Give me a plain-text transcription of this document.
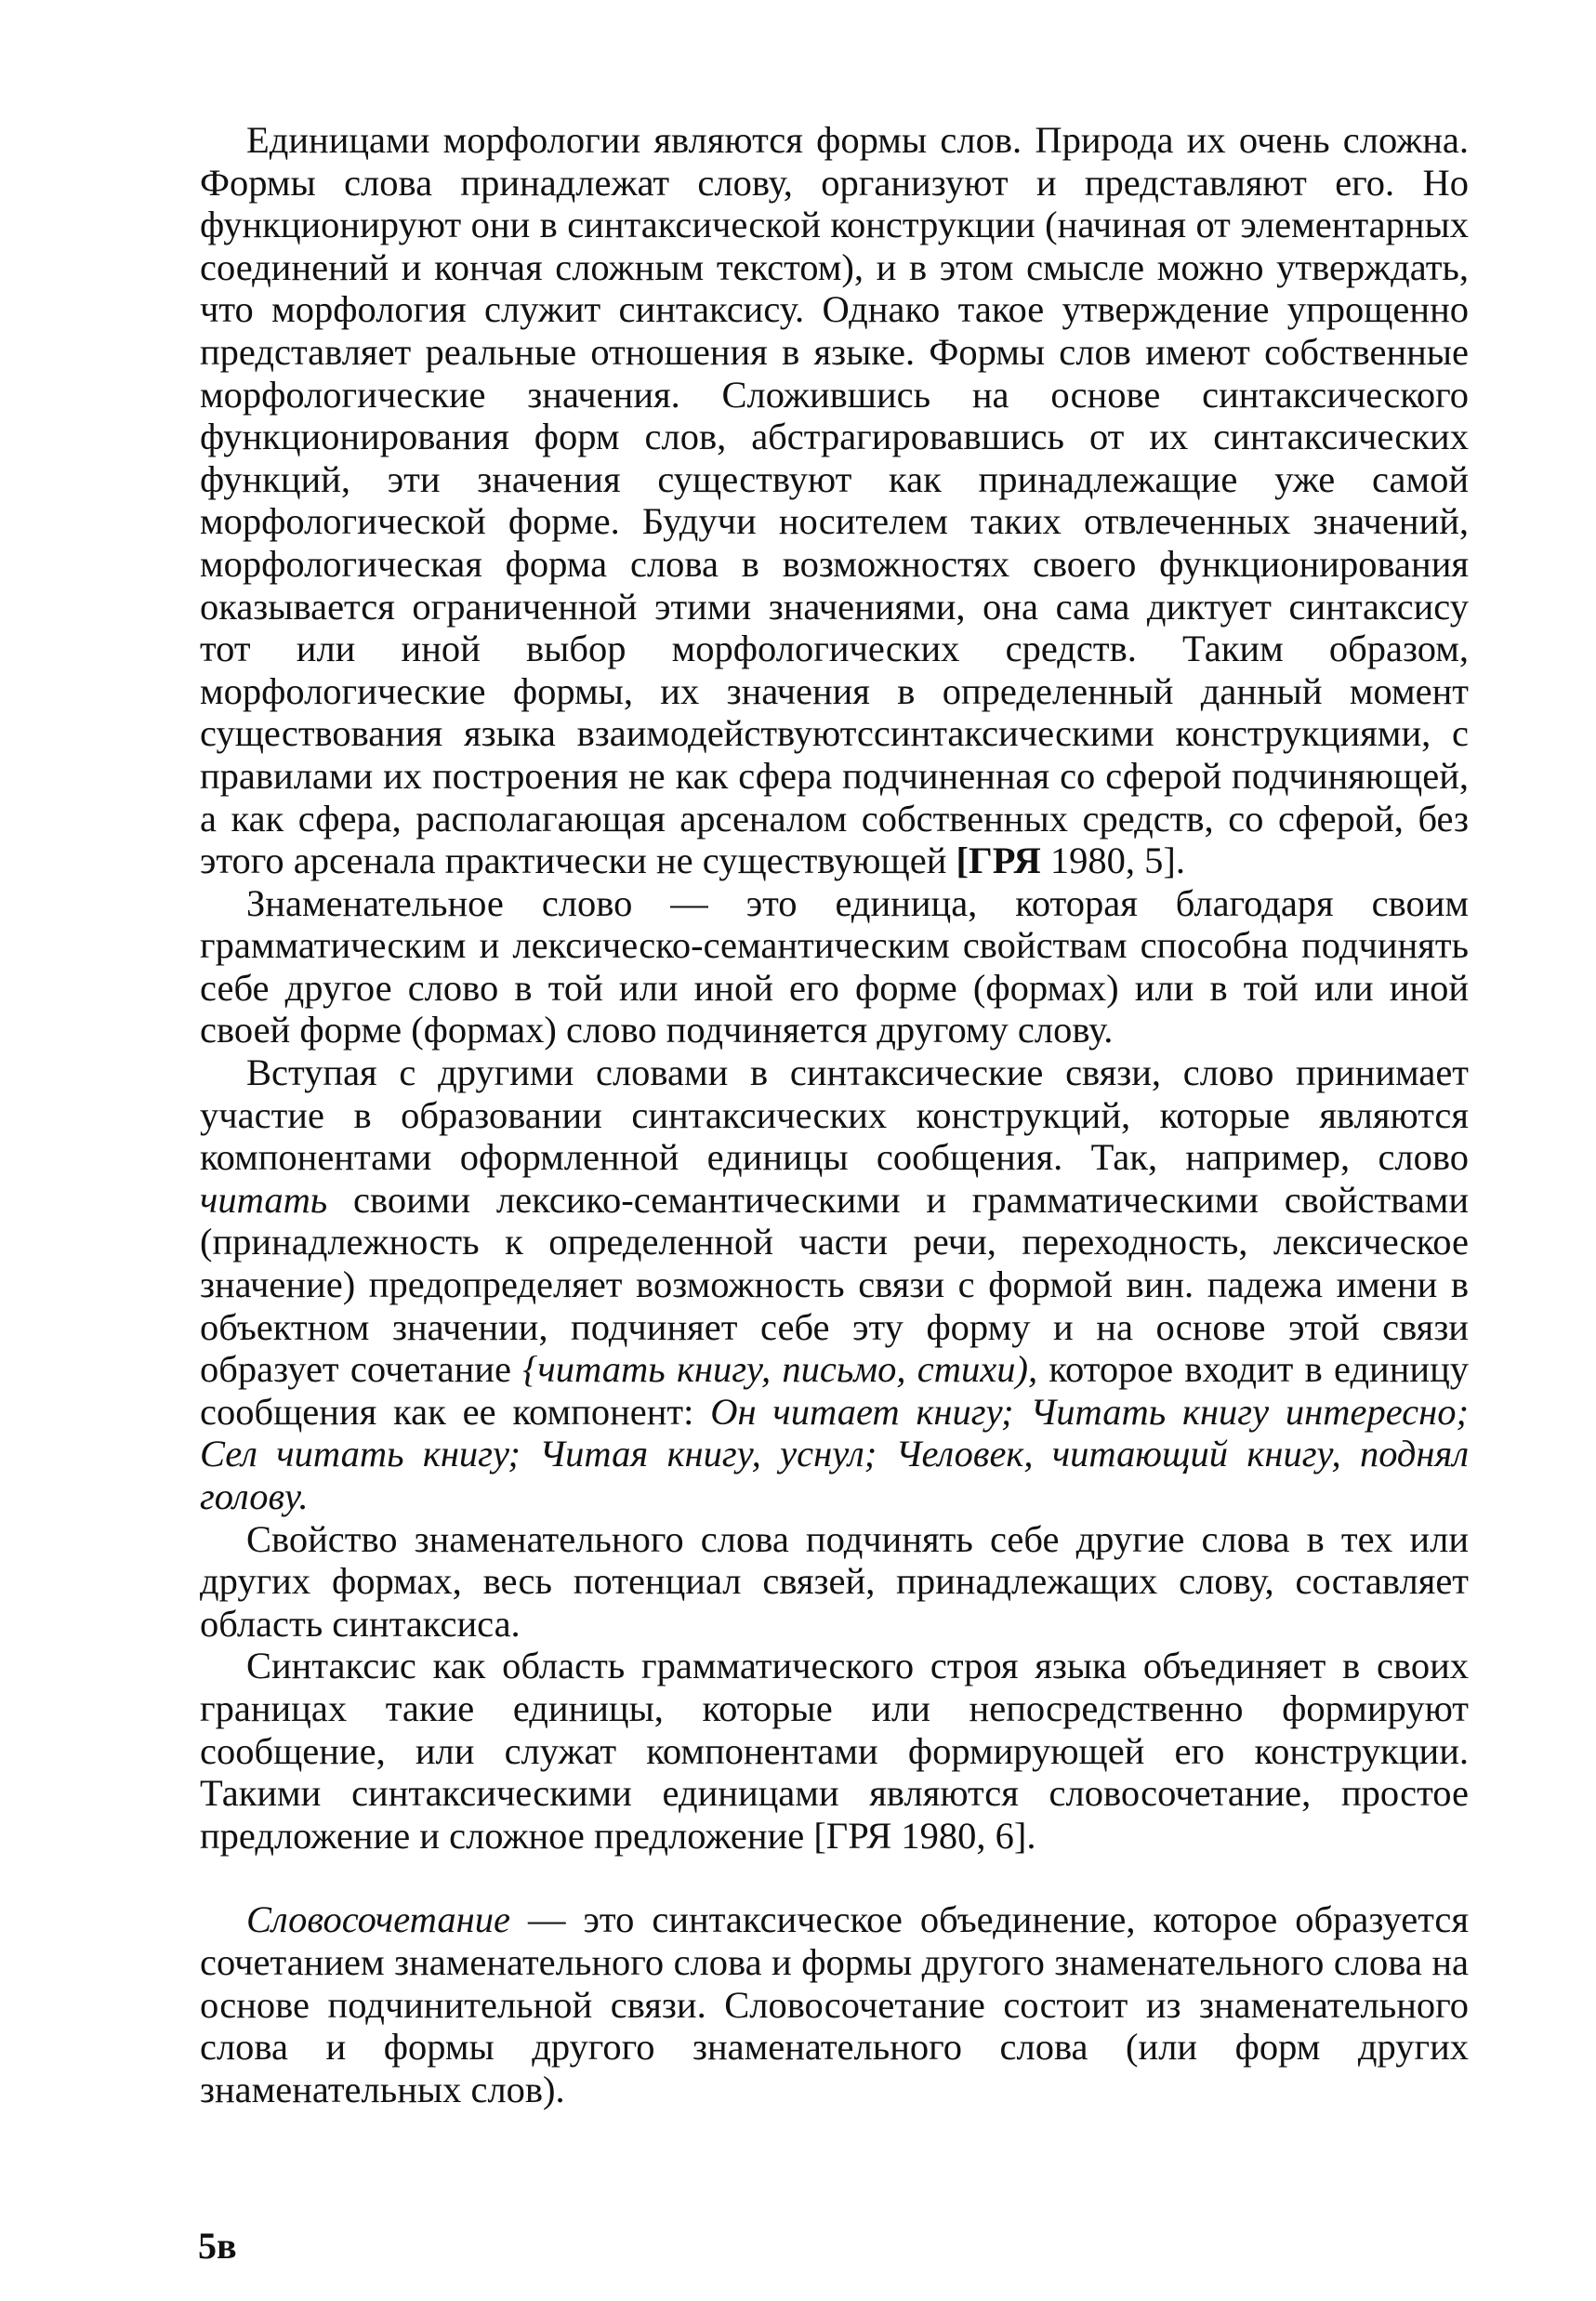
Единицами морфологии являются формы слов. Природа их очень сложна. Формы слова принадлежат слову, организуют и представляют его. Но функционируют они в синтаксической конструкции (начиная от элементарных соединений и кончая сложным текстом), и в этом смысле можно утверждать, что морфология служит синтаксису. Однако такое утверждение упрощенно представляет реальные отношения в языке. Формы слов имеют собственные морфологические значения. Сложившись на основе синтаксического функционирования форм слов, абстрагировавшись от их синтаксических функций, эти значения существуют как принадлежащие уже самой морфологической форме. Будучи носителем таких отвлеченных значений, морфологическая форма слова в возможностях своего функционирования оказывается ограниченной этими значениями, она сама диктует синтаксису тот или иной выбор морфологических средств. Таким образом, морфологические формы, их значения в определенный данный момент существования языка взаимодействуютссинтаксическими конструкциями, с правилами их построения не как сфера подчиненная со сферой подчиняющей, а как сфера, располагающая арсеналом собственных средств, со сферой, без этого арсенала практически не существующей [ГРЯ 1980, 5].

Знаменательное слово — это единица, которая благодаря своим грамматическим и лексическо-семантическим свойствам способна подчинять себе другое слово в той или иной его форме (формах) или в той или иной своей форме (формах) слово подчиняется другому слову.

Вступая с другими словами в синтаксические связи, слово принимает участие в образовании синтаксических конструкций, которые являются компонентами оформленной единицы сообщения. Так, например, слово читать своими лексико-семантическими и грамматическими свойствами (принадлежность к определенной части речи, переходность, лексическое значение) предопределяет возможность связи с формой вин. падежа имени в объектном значении, подчиняет себе эту форму и на основе этой связи образует сочетание {читать книгу, письмо, стихи), которое входит в единицу сообщения как ее компонент: Он читает книгу; Читать книгу интересно; Сел читать книгу; Читая книгу, уснул; Человек, читающий книгу, поднял голову.

Свойство знаменательного слова подчинять себе другие слова в тех или других формах, весь потенциал связей, принадлежащих слову, составляет область синтаксиса.

Синтаксис как область грамматического строя языка объединяет в своих границах такие единицы, которые или непосредственно формируют сообщение, или служат компонентами формирующей его конструкции. Такими синтаксическими единицами являются словосочетание, простое предложение и сложное предложение [ГРЯ 1980, 6].

Словосочетание — это синтаксическое объединение, которое образуется сочетанием знаменательного слова и формы другого знаменательного слова на основе подчинительной связи. Словосочетание состоит из знаменательного слова и формы другого знаменательного слова (или форм других знаменательных слов).

5в
